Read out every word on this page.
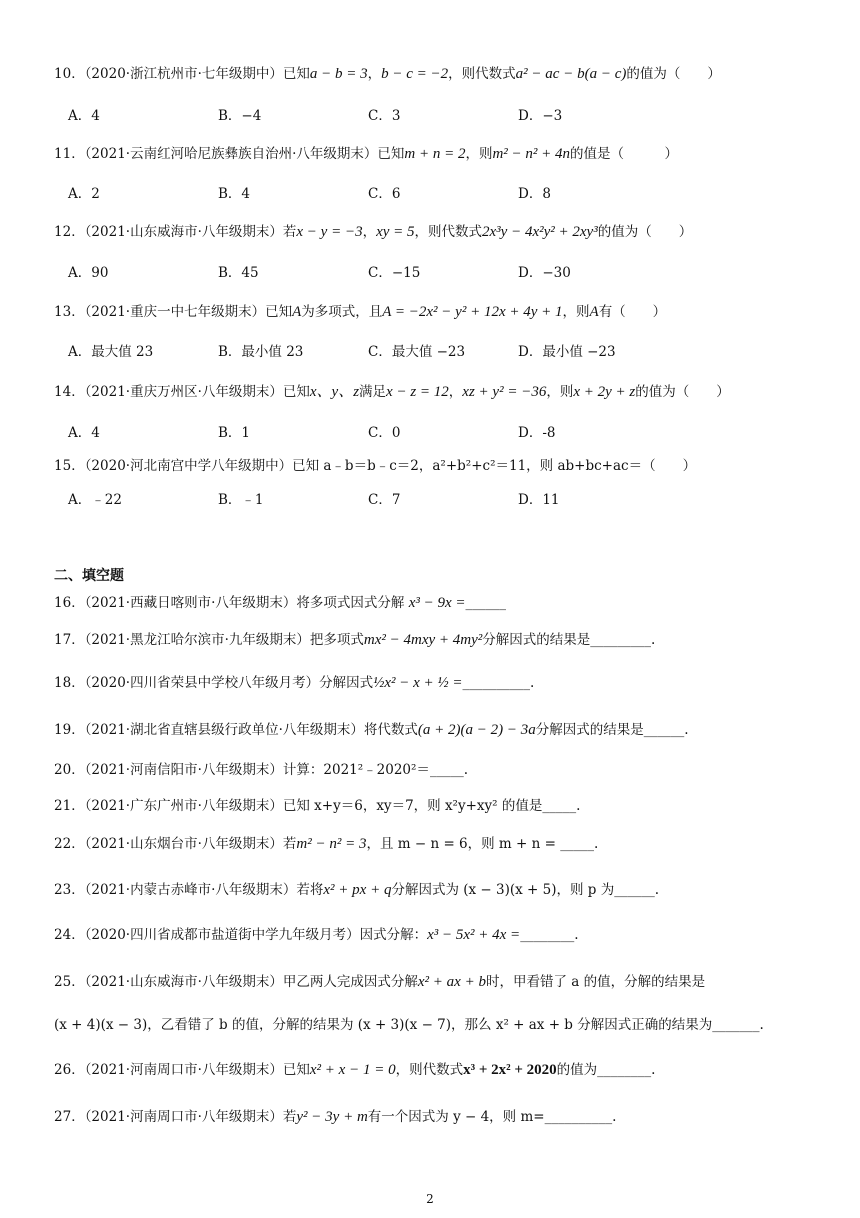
10．（2020·浙江杭州市·七年级期中）已知a − b = 3，b − c = −2，则代数式a² − ac − b(a − c)的值为（　　）
A．4	B．−4	C．3	D．−3
11．（2021·云南红河哈尼族彝族自治州·八年级期末）已知m + n = 2，则m² − n² + 4n的值是（　　　）
A．2	B．4	C．6	D．8
12．（2021·山东威海市·八年级期末）若x − y = −3，xy = 5，则代数式2x³y − 4x²y² + 2xy³的值为（　　）
A．90	B．45	C．−15	D．−30
13．（2021·重庆一中七年级期末）已知A为多项式，且A = −2x² − y² + 12x + 4y + 1，则A有（　　）
A．最大值 23	B．最小值 23	C．最大值 −23	D．最小值 −23
14．（2021·重庆万州区·八年级期末）已知x、y、z满足x − z = 12，xz + y² = −36，则x + 2y + z的值为（　　）
A．4	B．1	C．0	D．-8
15．（2020·河北南宫中学八年级期中）已知 a﹣b＝b﹣c＝2，a²+b²+c²＝11，则 ab+bc+ac＝（　　）
A．﹣22	B．﹣1	C．7	D．11
二、填空题
16．（2021·西藏日喀则市·八年级期末）将多项式因式分解 x³ − 9x =______
17．（2021·黑龙江哈尔滨市·九年级期末）把多项式mx² − 4mxy + 4my²分解因式的结果是_________.
18．（2020·四川省荣县中学校八年级月考）分解因式½x² − x + ½ =__________.
19．（2021·湖北省直辖县级行政单位·八年级期末）将代数式(a + 2)(a − 2) − 3a分解因式的结果是______.
20．（2021·河南信阳市·八年级期末）计算：2021²﹣2020²＝_____.
21．（2021·广东广州市·八年级期末）已知 x+y＝6，xy＝7，则 x²y+xy² 的值是_____.
22．（2021·山东烟台市·八年级期末）若m² − n² = 3，且 m − n = 6，则 m + n = _____.
23．（2021·内蒙古赤峰市·八年级期末）若将x² + px + q分解因式为 (x − 3)(x + 5)，则 p 为______.
24．（2020·四川省成都市盐道街中学九年级月考）因式分解：x³ − 5x² + 4x =________.
25．（2021·山东威海市·八年级期末）甲乙两人完成因式分解x² + ax + b时，甲看错了 a 的值，分解的结果是
(x + 4)(x − 3)，乙看错了 b 的值，分解的结果为 (x + 3)(x − 7)，那么 x² + ax + b 分解因式正确的结果为_______.
26．（2021·河南周口市·八年级期末）已知x² + x − 1 = 0，则代数式x³ + 2x² + 2020的值为________.
27．（2021·河南周口市·八年级期末）若y² − 3y + m有一个因式为 y − 4，则 m=__________.
2
